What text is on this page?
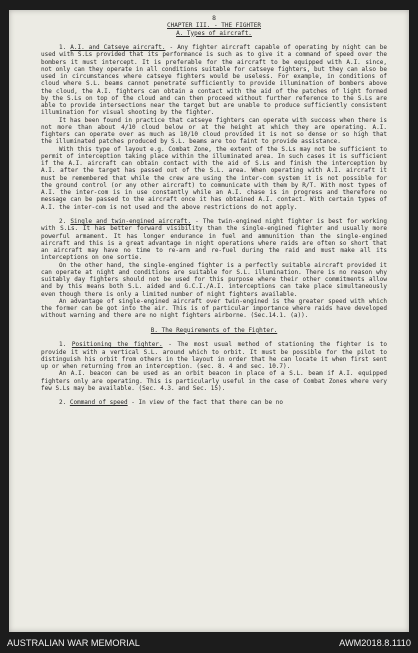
8
CHAPTER III. - THE FIGHTER
A. Types of aircraft.

1. A.I. and Catseye aircraft. - Any fighter aircraft capable of operating by night can be used with S.Ls provided that its performance is such as to give it a command of speed over the bombers it must intercept. It is preferable for the aircraft to be equipped with A.I. since, not only can they operate in all conditions suitable for catseye fighters, but they can also be used in circumstances where catseye fighters would be useless. For example, in conditions of cloud where S.L. beams cannot penetrate sufficiently to provide illumination of bombers above the cloud, the A.I. fighters can obtain a contact with the aid of the patches of light formed by the S.Ls on top of the cloud and can then proceed without further reference to the S.Ls are able to provide intersections near the target but are unable to produce sufficiently consistent illumination for visual shooting by the fighter.

It has been found in practice that catseye fighters can operate with success when there is not more than about 4/10 cloud below or at the height at which they are operating. A.I. fighters can operate over as much as 10/10 cloud provided it is not so dense or so high that the illuminated patches produced by S.L. beams are too faint to provide assistance.

With this type of layout e.g. Combat Zone, the extent of the S.Ls may not be sufficient to permit of interception taking place within the illuminated area. In such cases it is sufficient if the A.I. aircraft can obtain contact with the aid of S.Ls and finish the interception by A.I. after the target has passed out of the S.L. area. When operating with A.I. aircraft it must be remembered that while the crew are using the inter-com system it is not possible for the ground control (or any other aircraft) to communicate with them by R/T. With most types of A.I. the inter-com is in use constantly while an A.I. chase is in progress and therefore no message can be passed to the aircraft once it has obtained A.I. contact. With certain types of A.I. the inter-com is not used and the above restrictions do not apply.

2. Single and twin-engined aircraft. - The twin-engined night fighter is best for working with S.Ls. It has better forward visibility than the single-engined fighter and usually more powerful armament. It has longer endurance in fuel and ammunition than the single-engined aircraft and this is a great advantage in night operations where raids are often so short that an aircraft may have no time to re-arm and re-fuel during the raid and must make all its interceptions on one sortie.

On the other hand, the single-engined fighter is a perfectly suitable aircraft provided it can operate at night and conditions are suitable for S.L. illumination. There is no reason why suitably day fighters should not be used for this purpose where their other commitments allow and by this means both S.L. aided and G.C.I./A.I. interceptions can take place simultaneously even though there is only a limited number of night fighters available.

An advantage of single-engined aircraft over twin-engined is the greater speed with which the former can be got into the air. This is of particular importance where raids have developed without warning and there are no night fighters airborne. (Sec.14.1. (a)).

B. The Requirements of the Fighter.

1. Positioning the fighter. - The most usual method of stationing the fighter is to provide it with a vertical S.L. around which to orbit. It must be possible for the pilot to distinguish his orbit from others in the layout in order that he can locate it when first sent up or when returning from an interception. (sec. 8. 4 and sec. 10.7).

An A.I. beacon can be used as an orbit beacon in place of a S.L. beam if A.I. equipped fighters only are operating. This is particularly useful in the case of Combat Zones where very few S.Ls may be available. (Sec. 4.3. and Sec. 15).

2. Command of speed - In view of the fact that there can be no

AUSTRALIAN WAR MEMORIAL	AWM2018.8.1110
